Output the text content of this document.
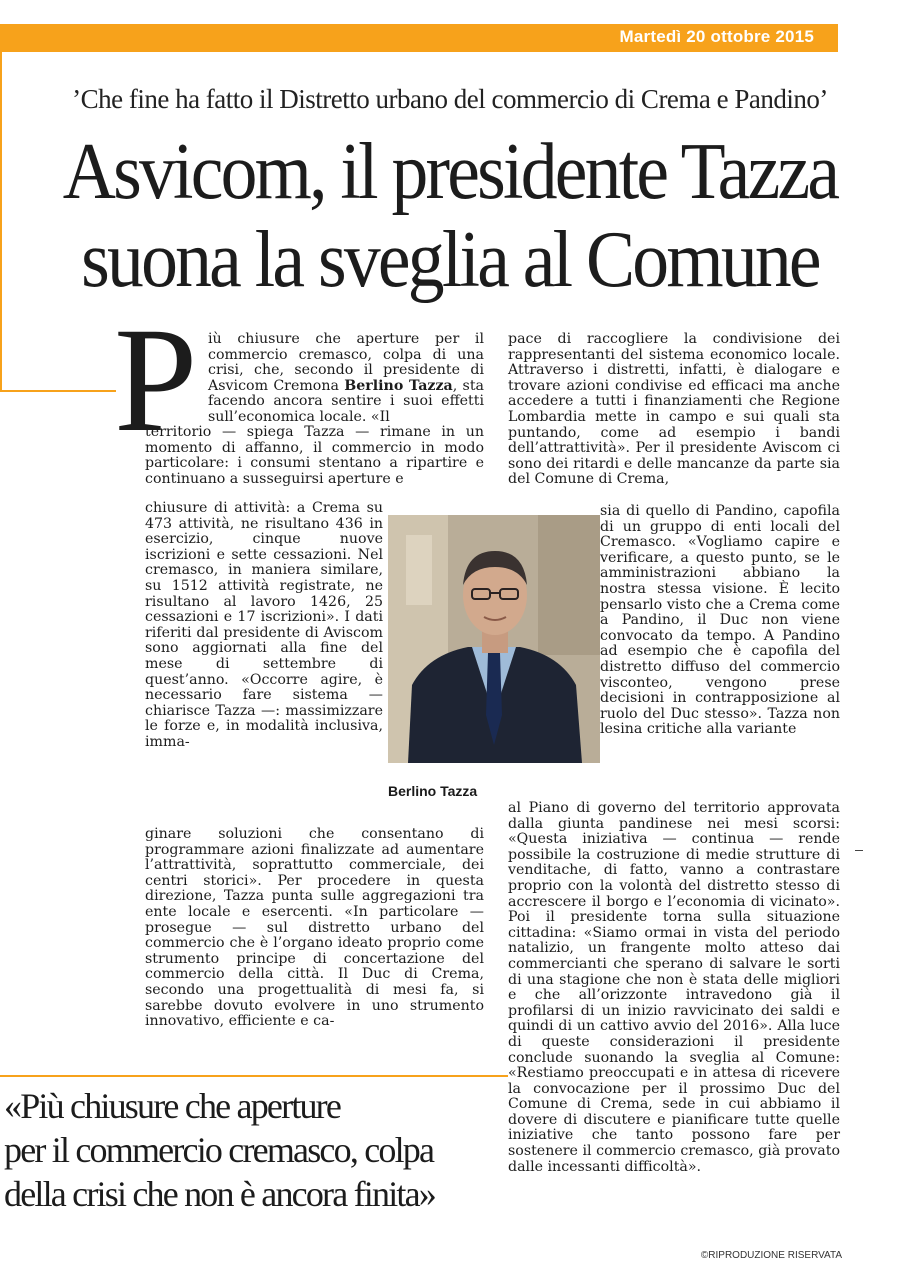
Martedì 20 ottobre 2015
’Che fine ha fatto il Distretto urbano del commercio di Crema e Pandino’
Asvicom, il presidente Tazza
suona la sveglia al Comune
P iù chiusure che aperture per il commercio cremasco, colpa di una crisi, che, secondo il presidente di Asvicom Cremona Berlino Tazza, sta facendo ancora sentire i suoi effetti sull’economica locale. «Il

territorio — spiega Tazza — rimane in un momento di affanno, il commercio in modo particolare: i consumi stentano a ripartire e continuano a susseguirsi aperture e

chiusure di attività: a Crema su 473 attività, ne risultano 436 in esercizio, cinque nuove iscrizioni e sette cessazioni. Nel cremasco, in maniera similare, su 1512 attività registrate, ne risultano al lavoro 1426, 25 cessazioni e 17 iscrizioni». I dati riferiti dal presidente di Aviscom sono aggiornati alla fine del mese di settembre di quest’anno. «Occorre agire, è necessario fare sistema — chiarisce Tazza —: massimizzare le forze e, in modalità inclusiva, imma-

ginare soluzioni che consentano di programmare azioni finalizzate ad aumentare l’attrattività, soprattutto commerciale, dei centri storici». Per procedere in questa direzione, Tazza punta sulle aggregazioni tra ente locale e esercenti. «In particolare — prosegue — sul distretto urbano del commercio che è l’organo ideato proprio come strumento principe di concertazione del commercio della città. Il Duc di Crema, secondo una progettualità di mesi fa, si sarebbe dovuto evolvere in uno strumento innovativo, efficiente e ca-

pace di raccogliere la condivisione dei rappresentanti del sistema economico locale. Attraverso i distretti, infatti, è dialogare e trovare azioni condivise ed efficaci ma anche accedere a tutti i finanziamenti che Regione Lombardia mette in campo e sui quali sta puntando, come ad esempio i bandi dell’attrattività». Per il presidente Aviscom ci sono dei ritardi e delle mancanze da parte sia del Comune di Crema,

sia di quello di Pandino, capofila di un gruppo di enti locali del Cremasco. «Vogliamo capire e verificare, a questo punto, se le amministrazioni abbiano la nostra stessa visione. È lecito pensarlo visto che a Crema come a Pandino, il Duc non viene convocato da tempo. A Pandino ad esempio che è capofila del distretto diffuso del commercio visconteo, vengono prese decisioni in contrapposizione al ruolo del Duc stesso». Tazza non lesina critiche alla variante

al Piano di governo del territorio approvata dalla giunta pandinese nei mesi scorsi: «Questa iniziativa — continua — rende possibile la costruzione di medie strutture di venditache, di fatto, vanno a contrastare proprio con la volontà del distretto stesso di accrescere il borgo e l’economia di vicinato». Poi il presidente torna sulla situazione cittadina: «Siamo ormai in vista del periodo natalizio, un frangente molto atteso dai commercianti che sperano di salvare le sorti di una stagione che non è stata delle migliori e che all’orizzonte intravedono già il profilarsi di un inizio ravvicinato dei saldi e quindi di un cattivo avvio del 2016». Alla luce di queste considerazioni il presidente conclude suonando la sveglia al Comune: «Restiamo preoccupati e in attesa di ricevere la convocazione per il prossimo Duc del Comune di Crema, sede in cui abbiamo il dovere di discutere e pianificare tutte quelle iniziative che tanto possono fare per sostenere il commercio cremasco, già provato dalle incessanti difficoltà».

Berlino Tazza
«Più chiusure che aperture
per il commercio cremasco, colpa
della crisi che non è ancora finita»
©RIPRODUZIONE RISERVATA
